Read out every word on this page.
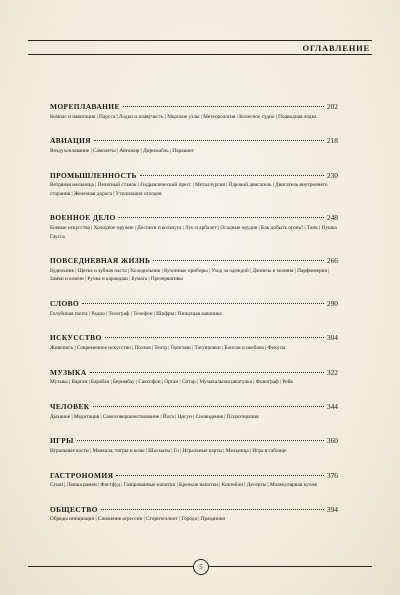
ОГЛАВЛЕНИЕ
МОРЕПЛАВАНИЕ	202
Компас и навигация | Паруса | Лодки и плавучесть | Морские узлы | Метеорология | Колесное судно | Подводная лодка
АВИАЦИЯ	218
Воздухоплавание | Самолеты | Автожир | Дирижабль | Парашют
ПРОМЫШЛЕННОСТЬ	230
Ветряная мельница | Печатный станок | Гидравлический пресс | Металлургия | Паровой двигатель | Двигатель внутреннего сгорания | Железная дорога | Утилизация отходов
ВОЕННОЕ ДЕЛО	248
Боевые искусства | Холодное оружие | Доспехи и кольчуга | Лук и арбалет | Осадные орудия | Как добыть огонь? | Танк | Пушка Гаусса
ПОВСЕДНЕВНАЯ ЖИЗНЬ	266
Будильник | Щетка и зубная паста | Холодильник | Кухонные приборы | Уход за одеждой | Джинсы и молния | Парфюмерия | Замки и ключи | Ручка и карандаш | Бумага | Презервативы
СЛОВО	290
Голубиная почта | Радио | Телеграф | Телефон | Шифры | Пишущая машинка
ИСКУССТВО	304
Живопись | Современное искусство | Поэзия | Театр | Оригами | Татуировки | Бонсаи и икебана | Фокусы
МУЗЫКА	322
Музыка | Варган | Барабан | Беримбау | Саксофон | Орган | Ситар | Музыкальная шкатулка | Фонограф | Рейв
ЧЕЛОВЕК	344
Дыхание | Медитация | Самосовершенствование | Йога | Цигун | Сновидения | Психотерапия
ИГРЫ	360
Игральные кости | Манкала, тигры и козы | Шахматы | Го | Игральные карты | Мельница | Игра в таблице
ГАСТРОНОМИЯ	376
Суши | Лапша рамен | Фастфуд | Газированные напитки | Крепкие напитки | Коктейли | Десерты | Молекулярная кухня
ОБЩЕСТВО	394
Обряды инициации | Снижение агрессии | Сторителлинг | Города | Праздники
5
